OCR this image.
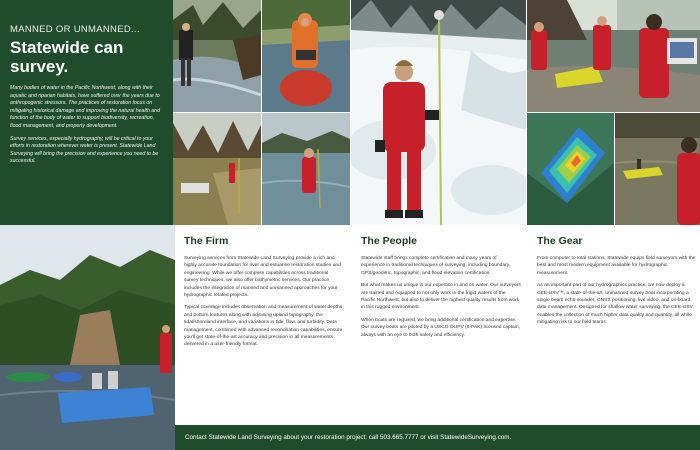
MANNED OR UNMANNED...
Statewide can survey.

Many bodies of water in the Pacific Northwest, along with their aquatic and riparian habitats, have suffered over the years due to anthropogenic stressors. The practices of restoration focus on mitigating historical damage and improving the natural health and function of the body of water to support biodiversity, recreation, flood management, and property development.

Survey services, especially hydrography, will be critical to your efforts in restoration wherever water is present. Statewide Land Surveying will bring the precision and experience you need to be successful.

The Firm

Surveying services from Statewide Land Surveying provide a rich and highly accurate foundation for river and estuarine restoration studies and engineering. While we offer complete capabilities across traditional survey techniques, we also offer bathymetric services. Our practice includes the integration of manned and unmanned approaches for your hydrographic related projects.

Typical coverage includes observation and measurement of water depths and bottom features along with adjoining upland topography, the tidal/shoreland interface, and variations in tide, flow, and turbidity. Data management, combined with advanced reconciliation capabilities, ensure you'll get state-of-the-art accuracy and precision in all measurements delivered in a user-friendly format.

The People

Statewide staff brings complete certification and many years of experience in traditional techniques of surveying, including boundary, GPS/geodetic, topographic, and flood elevation certification.

But what makes us unique is our expertise in and on water. Our surveyors are trained and equipped to not only work in the frigid waters of the Pacific Northwest, but also to deliver the highest quality results from work in this rugged environment.

When boats are required, we bring additional certification and expertise. Our survey boats are piloted by a USCG OUPV (6-PAK) licensed captain, always with an eye to both safety and efficiency.

The Gear

From computer to total stations, Statewide equips field surveyors with the best and most modern equipment available for hydrographic measurement.

As an important part of our hydrographics practice, we now deploy a CEE-USV™, a state-of-the-art, unmanned survey boat incorporating a single beam echo sounder, GNSS positioning, live video, and on-board data management. Designed for shallow water surveying, the CEE-USV enables the collection of much higher data quality and quantity, all while mitigating risk to our field teams.

Contact Statewide Land Surveying about your restoration project: call 503.665.7777 or visit StatewideSurveying.com.
